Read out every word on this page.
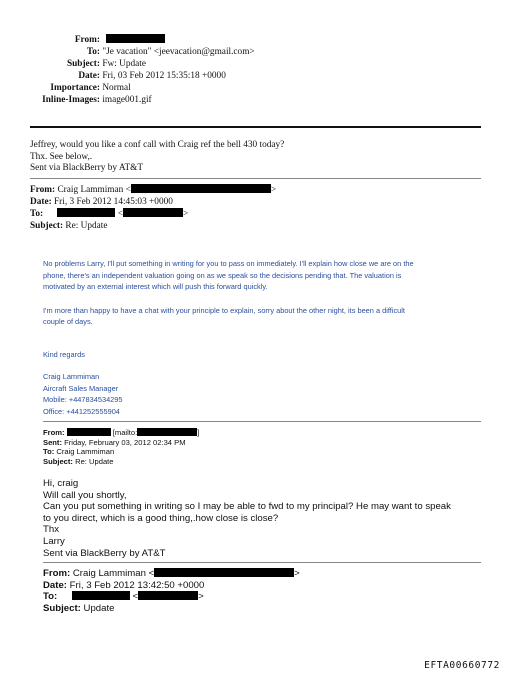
From:
To: "Je vacation" <jeevacation@gmail.com>
Subject: Fw: Update
Date: Fri, 03 Feb 2012 15:35:18 +0000
Importance: Normal
Inline-Images: image001.gif
Jeffrey, would you like a conf call with Craig ref the bell 430 today?
Thx. See below,.
Sent via BlackBerry by AT&T
From: Craig Lammiman <	>
Date: Fri, 3 Feb 2012 14:45:03 +0000
To:	<	>
Subject: Re: Update
No problems Larry, I'll put something in writing for you to pass on immediately. I'll explain how close we are on the
phone, there's an independent valuation going on as we speak so the decisions pending that. The valuation is
motivated by an external interest which will push this forward quickly.
I'm more than happy to have a chat with your principle to explain, sorry about the other night, its been a difficult
couple of days.
Kind regards
Craig Lammiman
Aircraft Sales Manager
Mobile: +447834534295
Office: +441252555904
From:	[mailto:	]
Sent: Friday, February 03, 2012 02:34 PM
To: Craig Lammiman
Subject: Re: Update
Hi, craig
Will call you shortly,
Can you put something in writing so I may be able to fwd to my principal? He may want to speak
to you direct, which is a good thing,.how close is close?
Thx
Larry
Sent via BlackBerry by AT&T
From: Craig Lammiman <	>
Date: Fri, 3 Feb 2012 13:42:50 +0000
To:	<	>
Subject: Update
EFTA00660772
